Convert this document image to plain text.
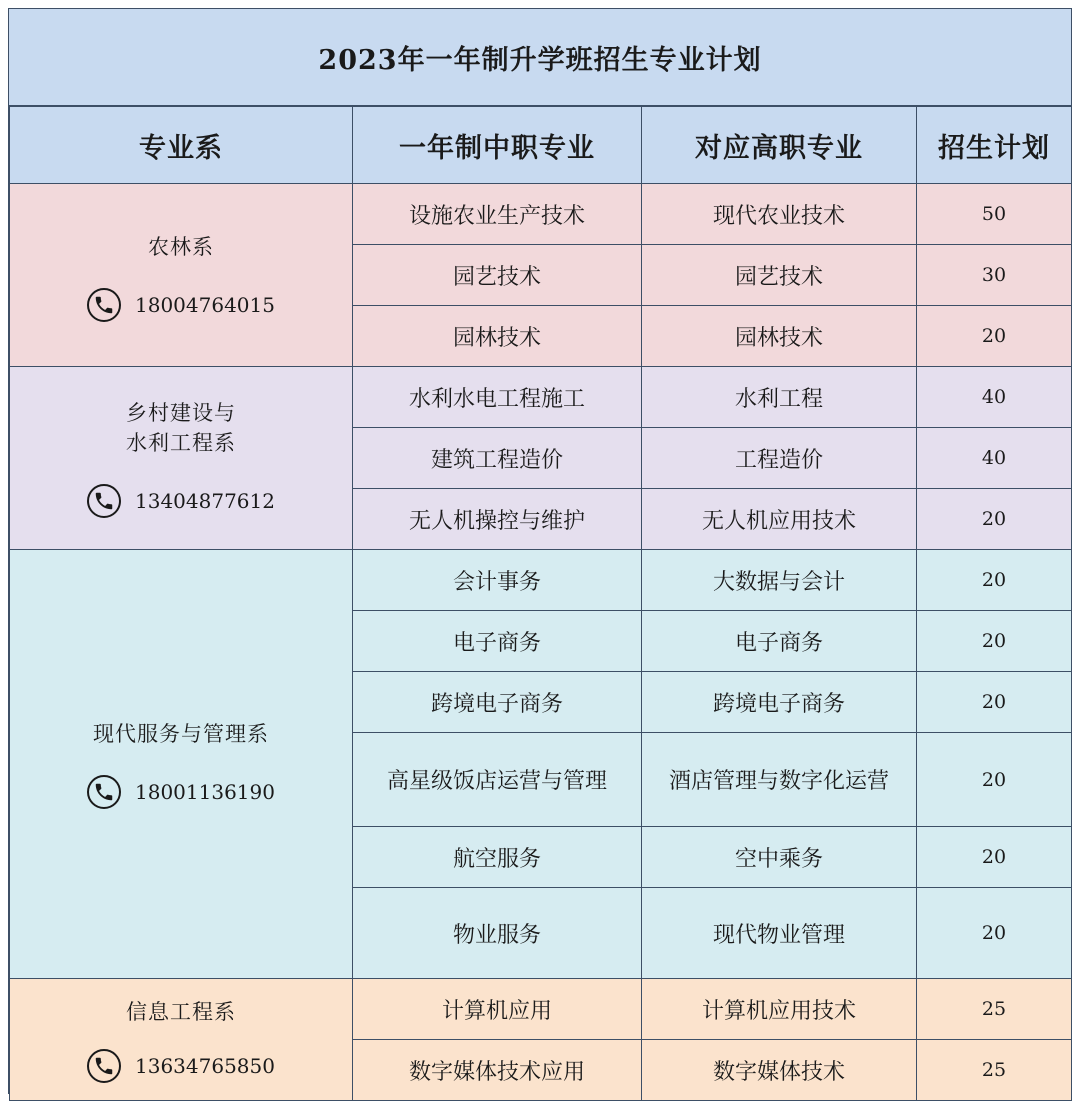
2023年一年制升学班招生专业计划
专业系	一年制中职专业	对应高职专业	招生计划

农林系
18004764015	设施农业生产技术	现代农业技术	50
	园艺技术	园艺技术	30
	园林技术	园林技术	20

乡村建设与
水利工程系
13404877612	水利水电工程施工	水利工程	40
	建筑工程造价	工程造价	40
	无人机操控与维护	无人机应用技术	20

现代服务与管理系
18001136190	会计事务	大数据与会计	20
	电子商务	电子商务	20
	跨境电子商务	跨境电子商务	20
	高星级饭店运营与管理	酒店管理与数字化运营	20
	航空服务	空中乘务	20
	物业服务	现代物业管理	20

信息工程系
13634765850	计算机应用	计算机应用技术	25
	数字媒体技术应用	数字媒体技术	25
